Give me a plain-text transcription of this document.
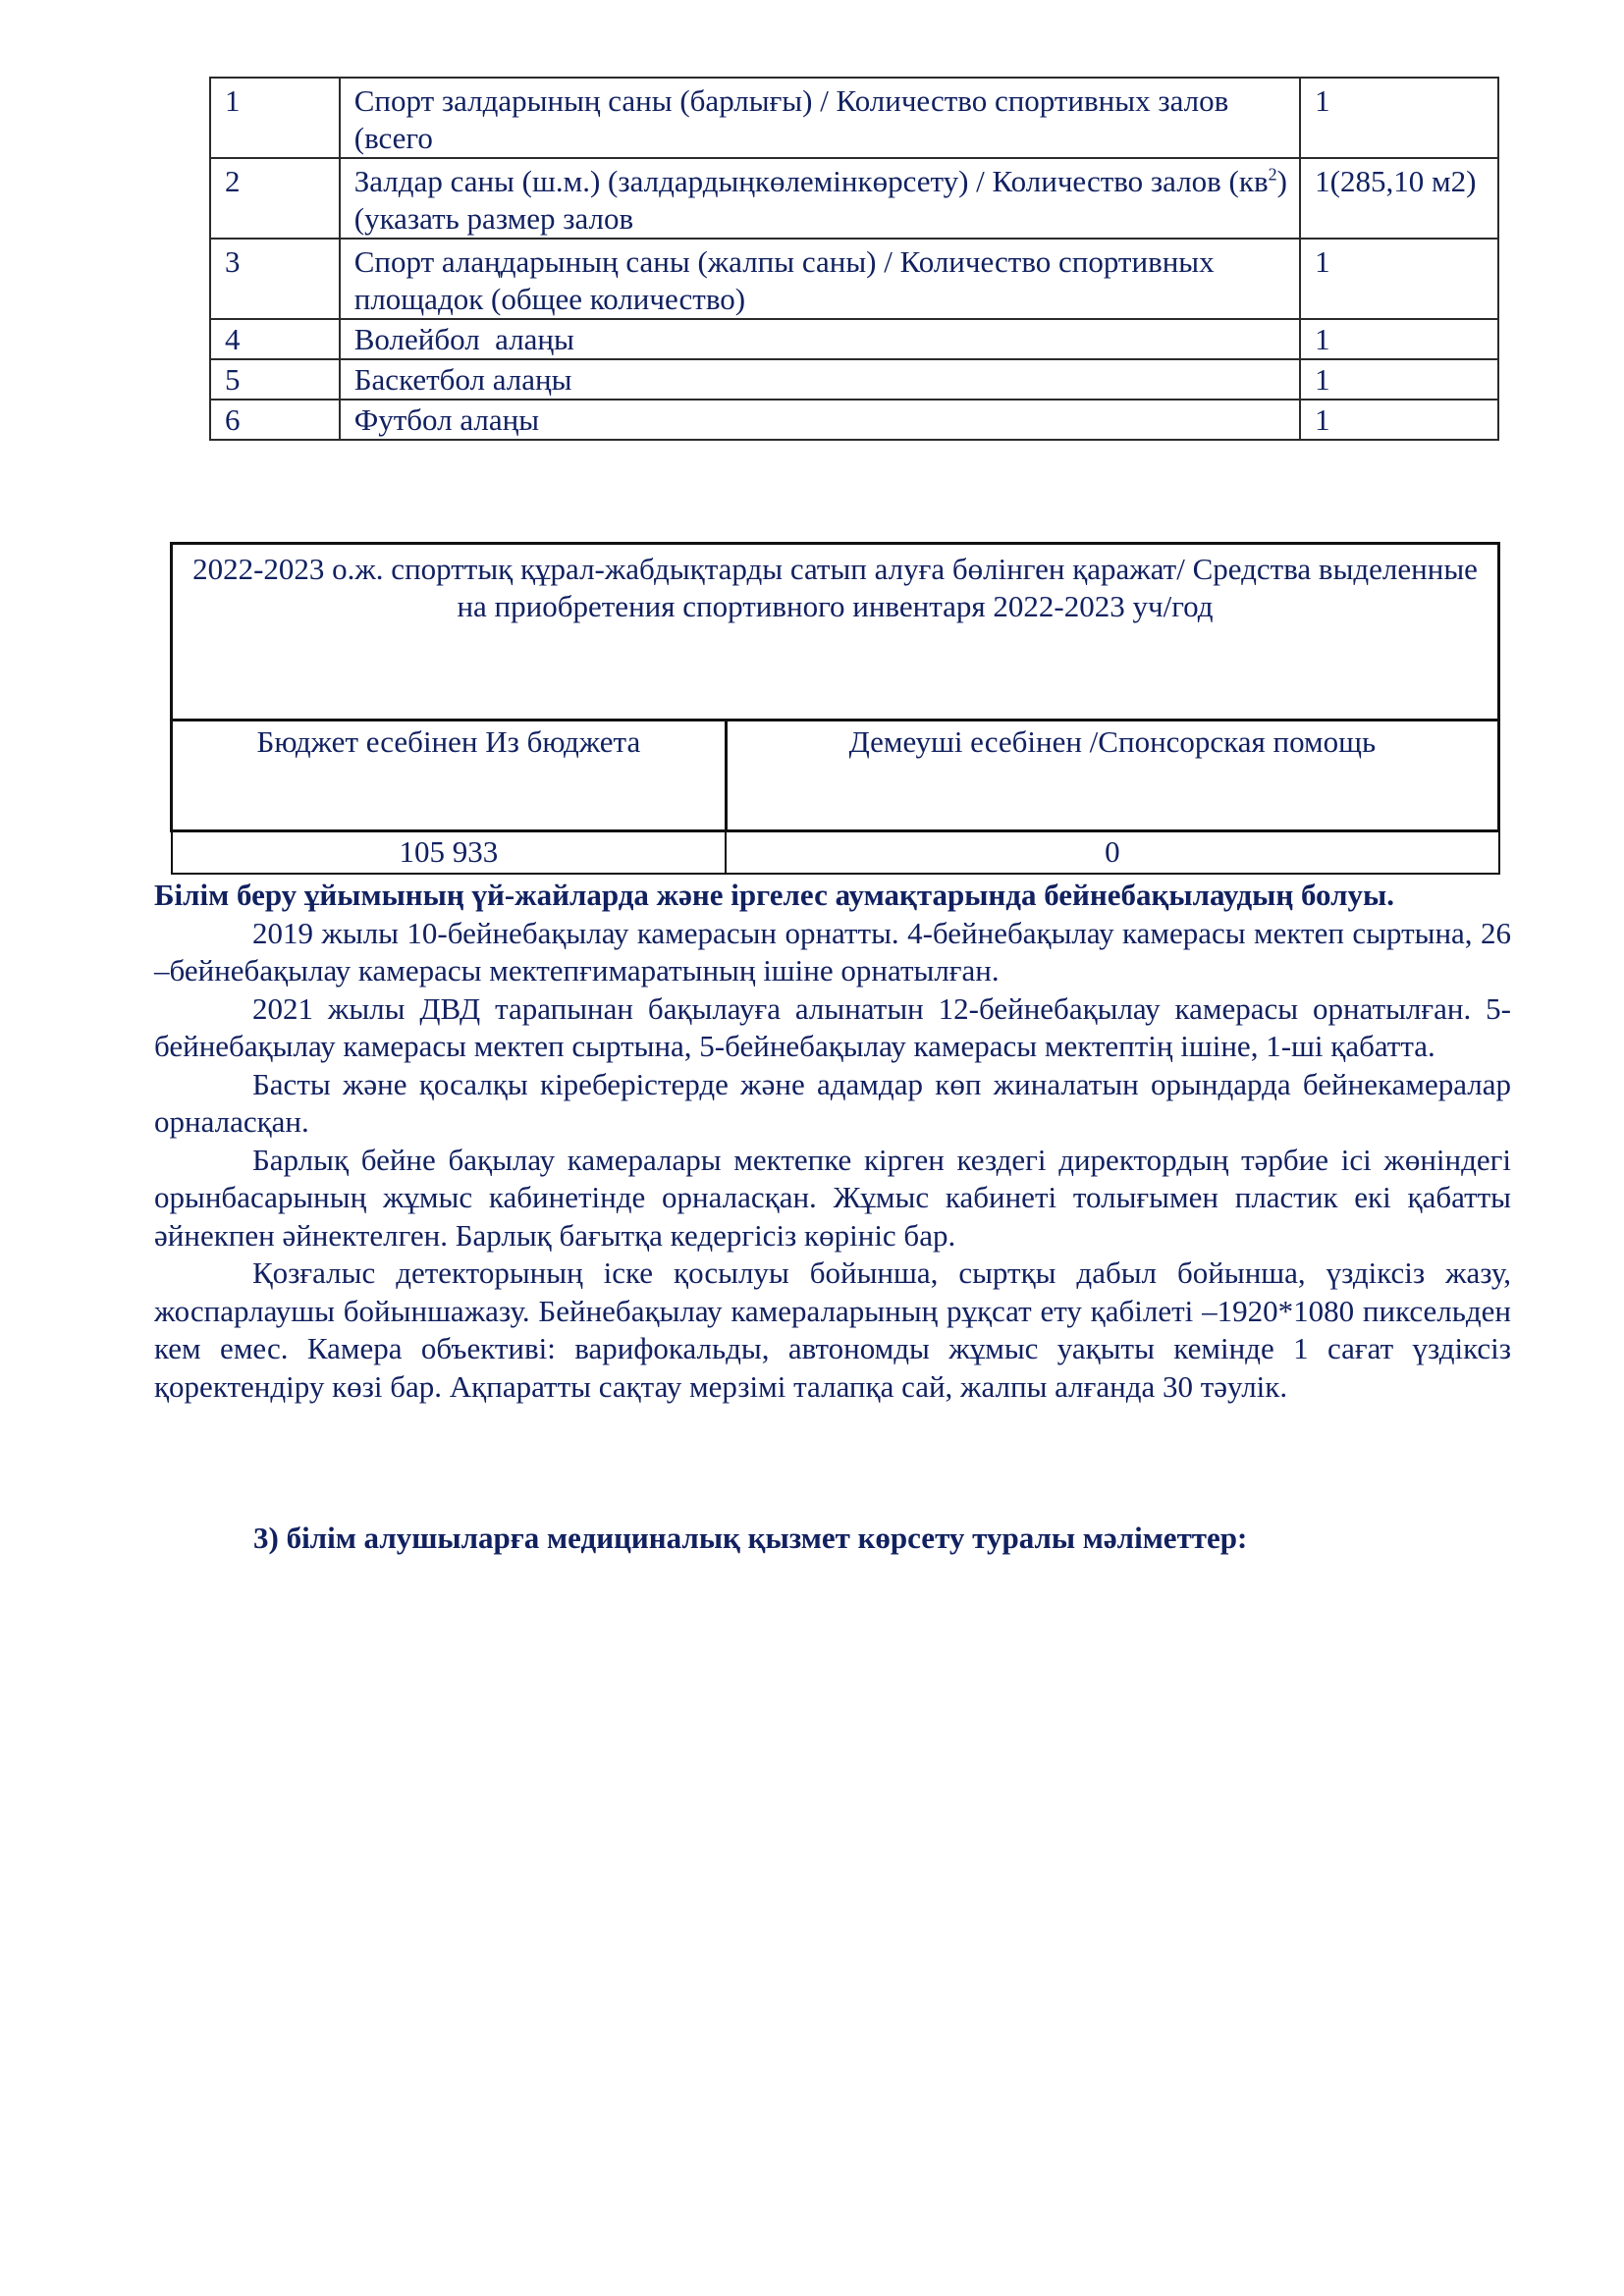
1	Спорт залдарының саны (барлығы) / Количество спортивных залов (всего	1
2	Залдар саны (ш.м.) (залдардыңкөлемінкөрсету) / Количество залов $(кв^2)$ (указать размер залов	1(285,10 м2)
3	Спорт алаңдарының саны (жалпы саны) / Количество спортивных площадок (общее количество)	1
4	Волейбол  алаңы	1
5	Баскетбол алаңы	1
6	Футбол алаңы	1
2022-2023 о.ж. спорттық құрал-жабдықтарды сатып алуға бөлінген қаражат/ Средства выделенные на приобретения спортивного инвентаря 2022-2023 уч/год	
Бюджет есебінен Из бюджета	Демеуші есебінен /Спонсорская помощь
105 933	0

Білім беру ұйымының үй-жайларда және іргелес аумақтарында бейнебақылаудың болуы.

2019 жылы 10-бейнебақылау камерасын орнатты. 4-бейнебақылау камерасы мектеп сыртына, 26 –бейнебақылау камерасы мектепғимаратының ішіне орнатылған.

2021 жылы ДВД тарапынан бақылауға алынатын 12-бейнебақылау камерасы орнатылған. 5-бейнебақылау камерасы мектеп сыртына, 5-бейнебақылау камерасы мектептің ішіне, 1-ші қабатта.

Басты және қосалқы кіреберістерде және адамдар көп жиналатын орындарда бейнекамералар орналасқан.

Барлық бейне бақылау камералары мектепке кірген кездегі директордың тәрбие ісі жөніндегі орынбасарының жұмыс кабинетінде орналасқан. Жұмыс кабинеті толығымен пластик екі қабатты әйнекпен әйнектелген. Барлық бағытқа кедергісіз көрініс бар.

Қозғалыс детекторының іске қосылуы бойынша, сыртқы дабыл бойынша, үздіксіз жазу, жоспарлаушы бойыншажазу. Бейнебақылау камераларының рұқсат ету қабілеті –1920*1080 пиксельден кем емес. Камера объективі: варифокальды, автономды жұмыс уақыты кемінде 1 сағат үздіксіз қоректендіру көзі бар. Ақпаратты сақтау мерзімі талапқа сай, жалпы алғанда 30 тәулік.

3) білім алушыларға медициналық қызмет көрсету туралы мәліметтер:
